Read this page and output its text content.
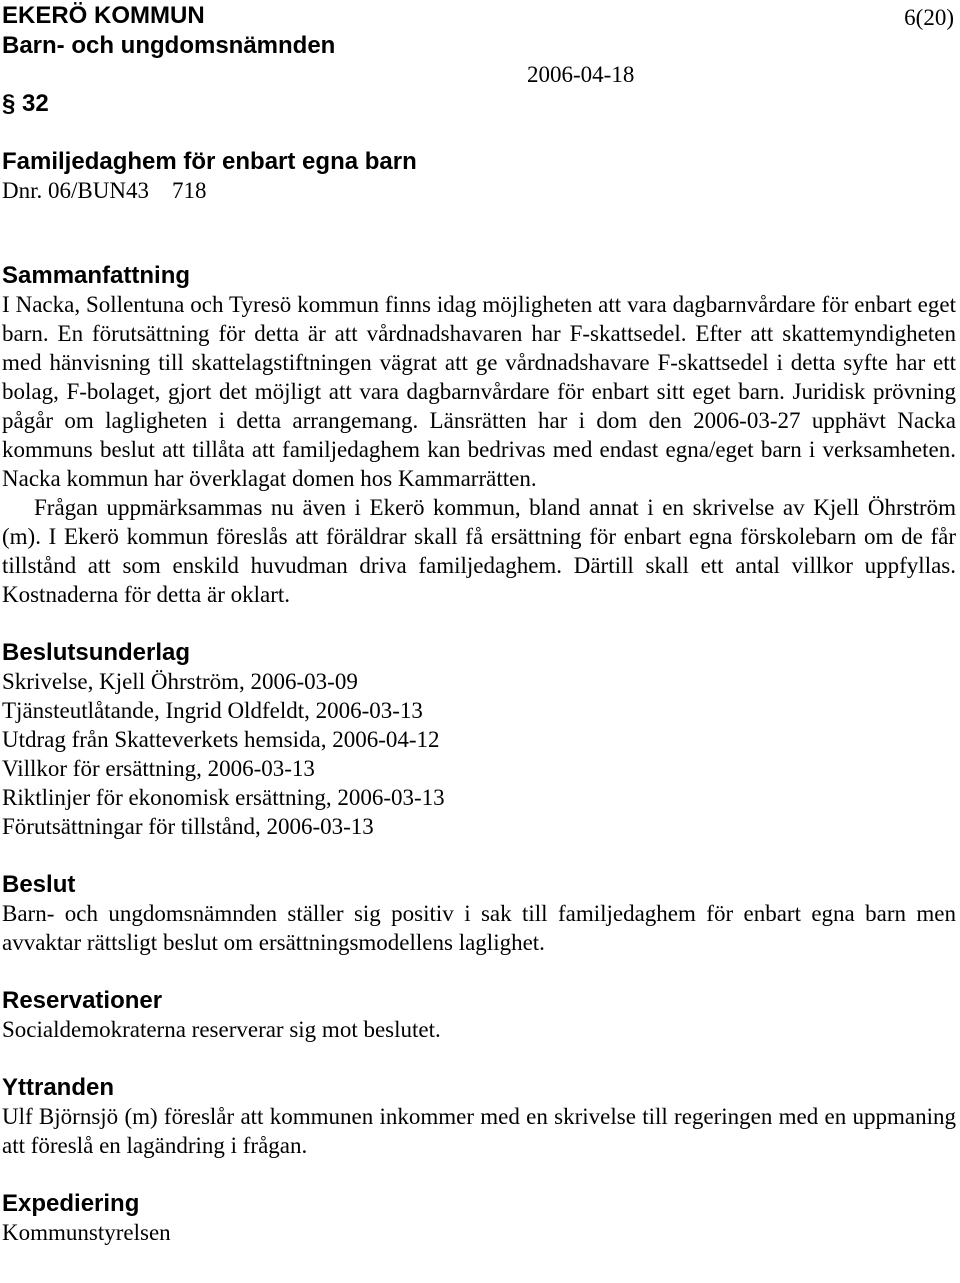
EKERÖ KOMMUN	6(20)
Barn- och ungdomsnämnden
2006-04-18
§ 32
Familjedaghem för enbart egna barn
Dnr. 06/BUN43    718
Sammanfattning

I Nacka, Sollentuna och Tyresö kommun finns idag möjligheten att vara dagbarnvårdare för enbart eget barn. En förutsättning för detta är att vårdnadshavaren har F-skattsedel. Efter att skattemyndigheten med hänvisning till skattelagstiftningen vägrat att ge vårdnadshavare F-skattsedel i detta syfte har ett bolag, F-bolaget, gjort det möjligt att vara dagbarnvårdare för enbart sitt eget barn. Juridisk prövning pågår om lagligheten i detta arrangemang. Länsrätten har i dom den 2006-03-27 upphävt Nacka kommuns beslut att tillåta att familjedaghem kan bedrivas med endast egna/eget barn i verksamheten. Nacka kommun har överklagat domen hos Kammarrätten.

Frågan uppmärksammas nu även i Ekerö kommun, bland annat i en skrivelse av Kjell Öhrström (m). I Ekerö kommun föreslås att föräldrar skall få ersättning för enbart egna förskolebarn om de får tillstånd att som enskild huvudman driva familjedaghem. Därtill skall ett antal villkor uppfyllas. Kostnaderna för detta är oklart.

Beslutsunderlag

Skrivelse, Kjell Öhrström, 2006-03-09

Tjänsteutlåtande, Ingrid Oldfeldt, 2006-03-13

Utdrag från Skatteverkets hemsida, 2006-04-12

Villkor för ersättning, 2006-03-13

Riktlinjer för ekonomisk ersättning, 2006-03-13

Förutsättningar för tillstånd, 2006-03-13

Beslut

Barn- och ungdomsnämnden ställer sig positiv i sak till familjedaghem för enbart egna barn men avvaktar rättsligt beslut om ersättningsmodellens laglighet.

Reservationer

Socialdemokraterna reserverar sig mot beslutet.

Yttranden

Ulf Björnsjö (m) föreslår att kommunen inkommer med en skrivelse till regeringen med en uppmaning att föreslå en lagändring i frågan.

Expediering

Kommunstyrelsen
